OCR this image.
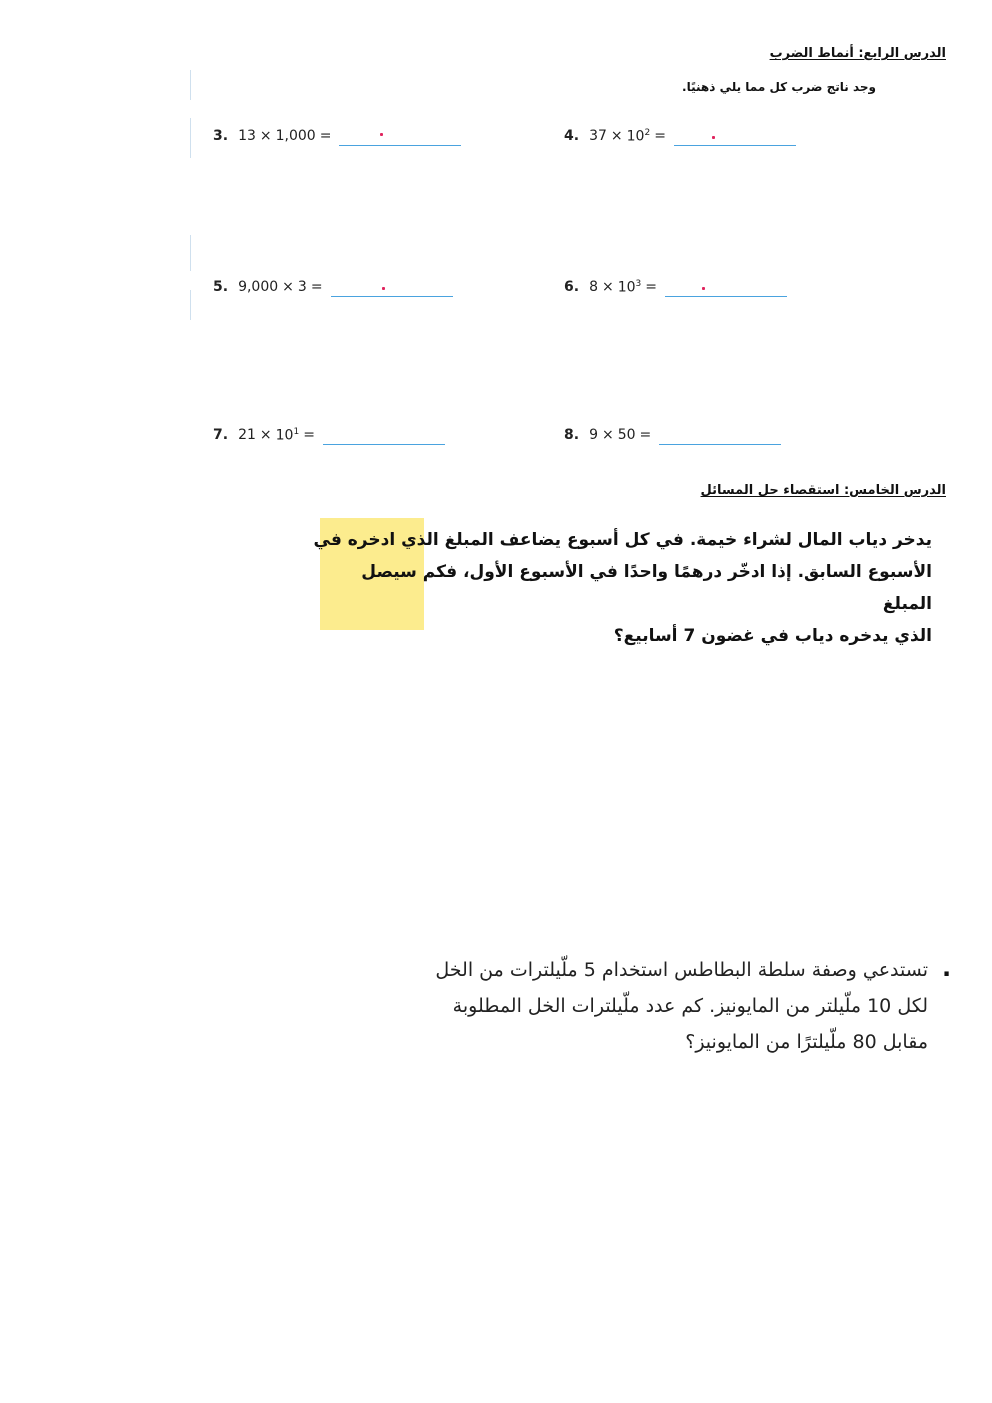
الدرس الرابع: أنماط الضرب
وجد ناتج ضرب كل مما يلي ذهنيًا.
3. 13 × 1,000 =	4. $37 \times 10^2$ =
5. 9,000 × 3 =	6. $8 \times 10^3$ =
7. $21 \times 10^1$ =	8. 9 × 50 =
الدرس الخامس: استقصاء حل المسائل
يدخر دياب المال لشراء خيمة. في كل أسبوع يضاعف المبلغ الذي ادخره في
الأسبوع السابق. إذا ادخّر درهمًا واحدًا في الأسبوع الأول، فكم سيصل المبلغ
الذي يدخره دياب في غضون 7 أسابيع؟
.
تستدعي وصفة سلطة البطاطس استخدام 5 ملّيلترات من الخل
لكل 10 ملّيلتر من المايونيز. كم عدد ملّيلترات الخل المطلوبة
مقابل 80 ملّيلترًا من المايونيز؟
